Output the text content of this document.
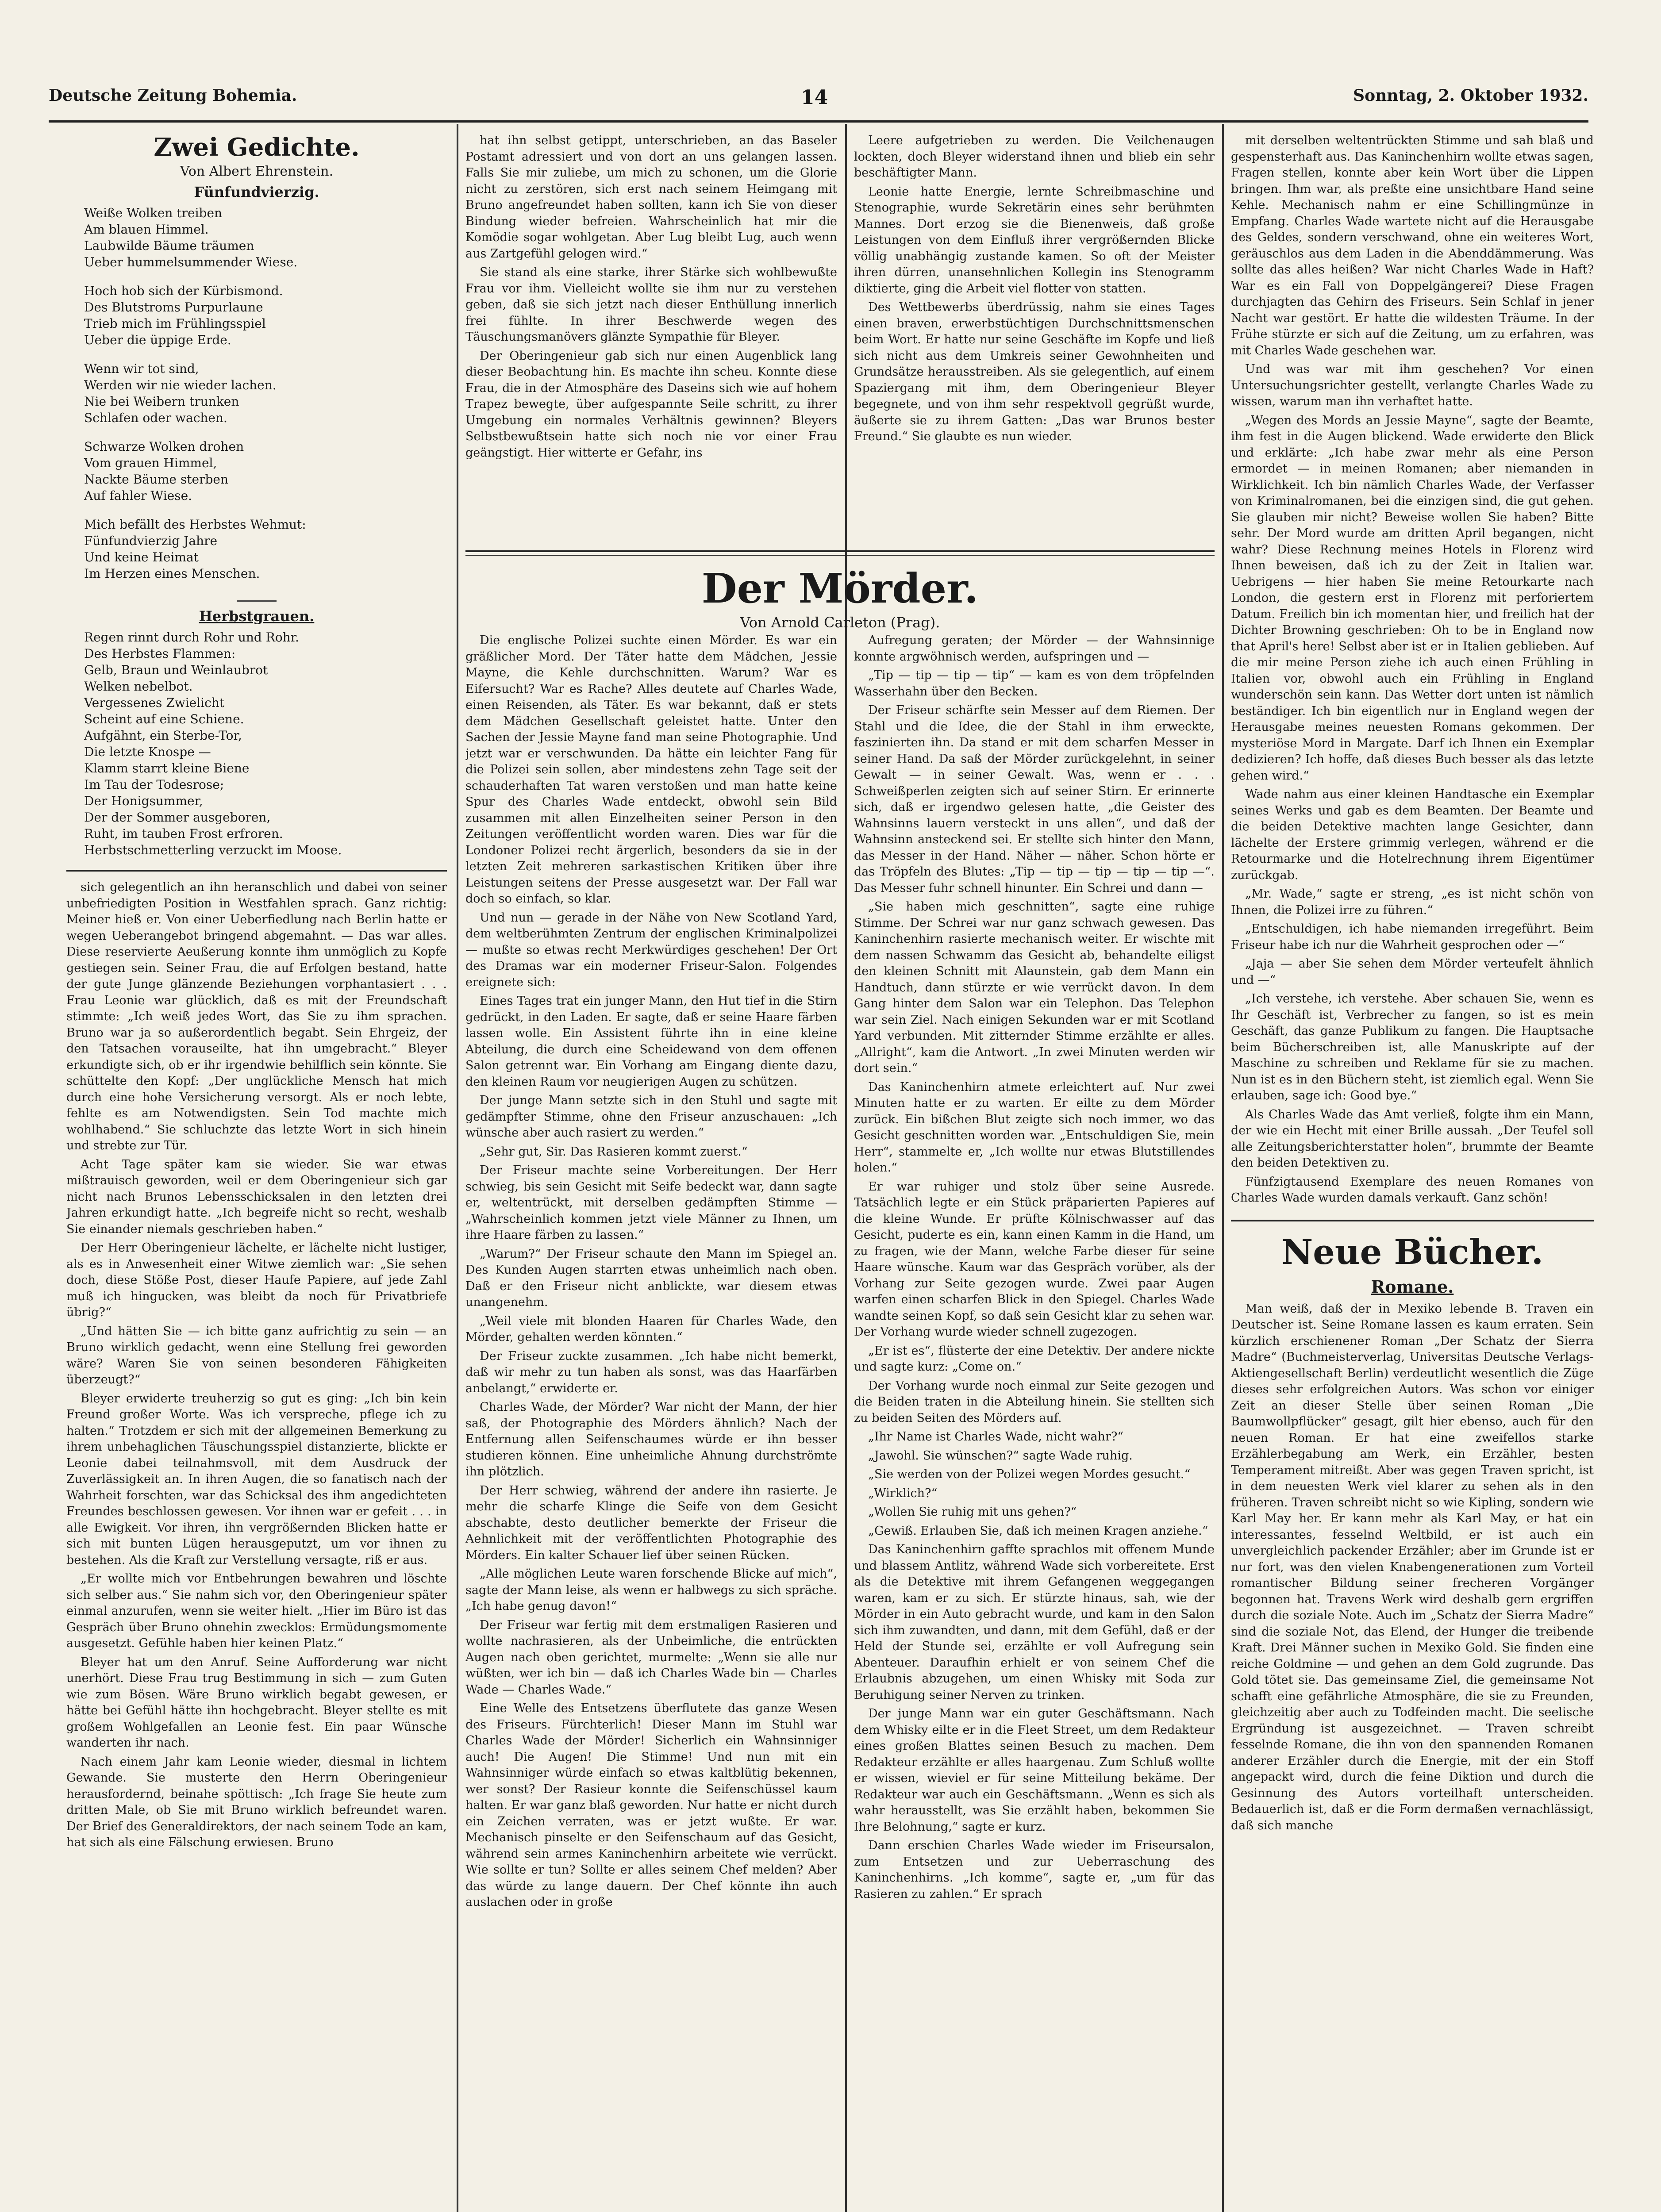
Deutsche Zeitung Bohemia.	14	Sonntag, 2. Oktober 1932.
Zwei Gedichte.
Von Albert Ehrenstein.
Fünfundvierzig.
Weiße Wolken treiben
Am blauen Himmel.
Laubwilde Bäume träumen
Ueber hummelsummender Wiese.
Hoch hob sich der Kürbismond.
Des Blutstroms Purpurlaune
Trieb mich im Frühlingsspiel
Ueber die üppige Erde.
Wenn wir tot sind,
Werden wir nie wieder lachen.
Nie bei Weibern trunken
Schlafen oder wachen.
Schwarze Wolken drohen
Vom grauen Himmel,
Nackte Bäume sterben
Auf fahler Wiese.
Mich befällt des Herbstes Wehmut:
Fünfundvierzig Jahre
Und keine Heimat
Im Herzen eines Menschen.
Herbstgrauen.
Regen rinnt durch Rohr und Rohr.
Des Herbstes Flammen:
Gelb, Braun und Weinlaubrot
Welken nebelbot.
Vergessenes Zwielicht
Scheint auf eine Schiene.
Aufgähnt, ein Sterbe-Tor,
Die letzte Knospe —
Klamm starrt kleine Biene
Im Tau der Todesrose;
Der Honigsummer,
Der der Sommer ausgeboren,
Ruht, im tauben Frost erfroren.
Herbstschmetterling verzuckt im Moose.

sich gelegentlich an ihn heranschlich und dabei von seiner unbefriedigten Position in Westfahlen sprach. Ganz richtig: Meiner hieß er. Von einer Ueberfiedlung nach Berlin hatte er wegen Ueberangebot bringend abgemahnt. — Das war alles. Diese reservierte Aeußerung konnte ihm unmöglich zu Kopfe gestiegen sein. Seiner Frau, die auf Erfolgen bestand, hatte der gute Junge glänzende Beziehungen vorphantasiert . . . Frau Leonie war glücklich, daß es mit der Freundschaft stimmte: „Ich weiß jedes Wort, das Sie zu ihm sprachen. Bruno war ja so außerordentlich begabt. Sein Ehrgeiz, der den Tatsachen vorauseilte, hat ihn umgebracht.“ Bleyer erkundigte sich, ob er ihr irgendwie behilflich sein könnte. Sie schüttelte den Kopf: „Der unglückliche Mensch hat mich durch eine hohe Versicherung versorgt. Als er noch lebte, fehlte es am Notwendigsten. Sein Tod machte mich wohlhabend.“ Sie schluchzte das letzte Wort in sich hinein und strebte zur Tür.

Acht Tage später kam sie wieder. Sie war etwas mißtrauisch geworden, weil er dem Oberingenieur sich gar nicht nach Brunos Lebensschicksalen in den letzten drei Jahren erkundigt hatte. „Ich begreife nicht so recht, weshalb Sie einander niemals geschrieben haben.“

Der Herr Oberingenieur lächelte, er lächelte nicht lustiger, als es in Anwesenheit einer Witwe ziemlich war: „Sie sehen doch, diese Stöße Post, dieser Haufe Papiere, auf jede Zahl muß ich hingucken, was bleibt da noch für Privatbriefe übrig?“

„Und hätten Sie — ich bitte ganz aufrichtig zu sein — an Bruno wirklich gedacht, wenn eine Stellung frei geworden wäre? Waren Sie von seinen besonderen Fähigkeiten überzeugt?“

Bleyer erwiderte treuherzig so gut es ging: „Ich bin kein Freund großer Worte. Was ich verspreche, pflege ich zu halten.“ Trotzdem er sich mit der allgemeinen Bemerkung zu ihrem unbehaglichen Täuschungsspiel distanzierte, blickte er Leonie dabei teilnahmsvoll, mit dem Ausdruck der Zuverlässigkeit an. In ihren Augen, die so fanatisch nach der Wahrheit forschten, war das Schicksal des ihm angedichteten Freundes beschlossen gewesen. Vor ihnen war er gefeit . . . in alle Ewigkeit. Vor ihren, ihn vergrößernden Blicken hatte er sich mit bunten Lügen herausgeputzt, um vor ihnen zu bestehen. Als die Kraft zur Verstellung versagte, riß er aus.

„Er wollte mich vor Entbehrungen bewahren und löschte sich selber aus.“ Sie nahm sich vor, den Oberingenieur später einmal anzurufen, wenn sie weiter hielt. „Hier im Büro ist das Gespräch über Bruno ohnehin zwecklos: Ermüdungsmomente ausgesetzt. Gefühle haben hier keinen Platz.“

Bleyer hat um den Anruf. Seine Aufforderung war nicht unerhört. Diese Frau trug Bestimmung in sich — zum Guten wie zum Bösen. Wäre Bruno wirklich begabt gewesen, er hätte bei Gefühl hätte ihn hochgebracht. Bleyer stellte es mit großem Wohlgefallen an Leonie fest. Ein paar Wünsche wanderten ihr nach.

Nach einem Jahr kam Leonie wieder, diesmal in lichtem Gewande. Sie musterte den Herrn Oberingenieur herausfordernd, beinahe spöttisch: „Ich frage Sie heute zum dritten Male, ob Sie mit Bruno wirklich befreundet waren. Der Brief des Generaldirektors, der nach seinem Tode an kam, hat sich als eine Fälschung erwiesen. Bruno

hat ihn selbst getippt, unterschrieben, an das Baseler Postamt adressiert und von dort an uns gelangen lassen. Falls Sie mir zuliebe, um mich zu schonen, um die Glorie nicht zu zerstören, sich erst nach seinem Heimgang mit Bruno angefreundet haben sollten, kann ich Sie von dieser Bindung wieder befreien. Wahrscheinlich hat mir die Komödie sogar wohlgetan. Aber Lug bleibt Lug, auch wenn aus Zartgefühl gelogen wird.“

Sie stand als eine starke, ihrer Stärke sich wohlbewußte Frau vor ihm. Vielleicht wollte sie ihm nur zu verstehen geben, daß sie sich jetzt nach dieser Enthüllung innerlich frei fühlte. In ihrer Beschwerde wegen des Täuschungsmanövers glänzte Sympathie für Bleyer.

Der Oberingenieur gab sich nur einen Augenblick lang dieser Beobachtung hin. Es machte ihn scheu. Konnte diese Frau, die in der Atmosphäre des Daseins sich wie auf hohem Trapez bewegte, über aufgespannte Seile schritt, zu ihrer Umgebung ein normales Verhältnis gewinnen? Bleyers Selbstbewußtsein hatte sich noch nie vor einer Frau geängstigt. Hier witterte er Gefahr, ins

Leere aufgetrieben zu werden. Die Veilchenaugen lockten, doch Bleyer widerstand ihnen und blieb ein sehr beschäftigter Mann.

Leonie hatte Energie, lernte Schreibmaschine und Stenographie, wurde Sekretärin eines sehr berühmten Mannes. Dort erzog sie die Bienenweis, daß große Leistungen von dem Einfluß ihrer vergrößernden Blicke völlig unabhängig zustande kamen. So oft der Meister ihren dürren, unansehnlichen Kollegin ins Stenogramm diktierte, ging die Arbeit viel flotter von statten.

Des Wettbewerbs überdrüssig, nahm sie eines Tages einen braven, erwerbstüchtigen Durchschnittsmenschen beim Wort. Er hatte nur seine Geschäfte im Kopfe und ließ sich nicht aus dem Umkreis seiner Gewohnheiten und Grundsätze herausstreiben. Als sie gelegentlich, auf einem Spaziergang mit ihm, dem Oberingenieur Bleyer begegnete, und von ihm sehr respektvoll gegrüßt wurde, äußerte sie zu ihrem Gatten: „Das war Brunos bester Freund.“ Sie glaubte es nun wieder.

Der Mörder.
Von Arnold Carleton (Prag).

Die englische Polizei suchte einen Mörder. Es war ein gräßlicher Mord. Der Täter hatte dem Mädchen, Jessie Mayne, die Kehle durchschnitten. Warum? War es Eifersucht? War es Rache? Alles deutete auf Charles Wade, einen Reisenden, als Täter. Es war bekannt, daß er stets dem Mädchen Gesellschaft geleistet hatte. Unter den Sachen der Jessie Mayne fand man seine Photographie. Und jetzt war er verschwunden. Da hätte ein leichter Fang für die Polizei sein sollen, aber mindestens zehn Tage seit der schauderhaften Tat waren verstoßen und man hatte keine Spur des Charles Wade entdeckt, obwohl sein Bild zusammen mit allen Einzelheiten seiner Person in den Zeitungen veröffentlicht worden waren. Dies war für die Londoner Polizei recht ärgerlich, besonders da sie in der letzten Zeit mehreren sarkastischen Kritiken über ihre Leistungen seitens der Presse ausgesetzt war. Der Fall war doch so einfach, so klar.

Und nun — gerade in der Nähe von New Scotland Yard, dem weltberühmten Zentrum der englischen Kriminalpolizei — mußte so etwas recht Merkwürdiges geschehen! Der Ort des Dramas war ein moderner Friseur-Salon. Folgendes ereignete sich:

Eines Tages trat ein junger Mann, den Hut tief in die Stirn gedrückt, in den Laden. Er sagte, daß er seine Haare färben lassen wolle. Ein Assistent führte ihn in eine kleine Abteilung, die durch eine Scheidewand von dem offenen Salon getrennt war. Ein Vorhang am Eingang diente dazu, den kleinen Raum vor neugierigen Augen zu schützen.

Der junge Mann setzte sich in den Stuhl und sagte mit gedämpfter Stimme, ohne den Friseur anzuschauen: „Ich wünsche aber auch rasiert zu werden.“

„Sehr gut, Sir. Das Rasieren kommt zuerst.“

Der Friseur machte seine Vorbereitungen. Der Herr schwieg, bis sein Gesicht mit Seife bedeckt war, dann sagte er, weltentrückt, mit derselben gedämpften Stimme — „Wahrscheinlich kommen jetzt viele Männer zu Ihnen, um ihre Haare färben zu lassen.“

„Warum?“ Der Friseur schaute den Mann im Spiegel an. Des Kunden Augen starrten etwas unheimlich nach oben. Daß er den Friseur nicht anblickte, war diesem etwas unangenehm.

„Weil viele mit blonden Haaren für Charles Wade, den Mörder, gehalten werden könnten.“

Der Friseur zuckte zusammen. „Ich habe nicht bemerkt, daß wir mehr zu tun haben als sonst, was das Haarfärben anbelangt,“ erwiderte er.

Charles Wade, der Mörder? War nicht der Mann, der hier saß, der Photographie des Mörders ähnlich? Nach der Entfernung allen Seifenschaumes würde er ihn besser studieren können. Eine unheimliche Ahnung durchströmte ihn plötzlich.

Der Herr schwieg, während der andere ihn rasierte. Je mehr die scharfe Klinge die Seife von dem Gesicht abschabte, desto deutlicher bemerkte der Friseur die Aehnlichkeit mit der veröffentlichten Photographie des Mörders. Ein kalter Schauer lief über seinen Rücken.

„Alle möglichen Leute waren forschende Blicke auf mich“, sagte der Mann leise, als wenn er halbwegs zu sich spräche. „Ich habe genug davon!“

Der Friseur war fertig mit dem erstmaligen Rasieren und wollte nachrasieren, als der Unbeimliche, die entrückten Augen nach oben gerichtet, murmelte: „Wenn sie alle nur wüßten, wer ich bin — daß ich Charles Wade bin — Charles Wade — Charles Wade.“

Eine Welle des Entsetzens überflutete das ganze Wesen des Friseurs. Fürchterlich! Dieser Mann im Stuhl war Charles Wade der Mörder! Sicherlich ein Wahnsinniger auch! Die Augen! Die Stimme! Und nun mit ein Wahnsinniger würde einfach so etwas kaltblütig bekennen, wer sonst? Der Rasieur konnte die Seifenschüssel kaum halten. Er war ganz blaß geworden. Nur hatte er nicht durch ein Zeichen verraten, was er jetzt wußte. Er war. Mechanisch pinselte er den Seifenschaum auf das Gesicht, während sein armes Kaninchenhirn arbeitete wie verrückt. Wie sollte er tun? Sollte er alles seinem Chef melden? Aber das würde zu lange dauern. Der Chef könnte ihn auch auslachen oder in große

Aufregung geraten; der Mörder — der Wahnsinnige konnte argwöhnisch werden, aufspringen und —

„Tip — tip — tip — tip“ — kam es von dem tröpfelnden Wasserhahn über den Becken.

Der Friseur schärfte sein Messer auf dem Riemen. Der Stahl und die Idee, die der Stahl in ihm erweckte, faszinierten ihn. Da stand er mit dem scharfen Messer in seiner Hand. Da saß der Mörder zurückgelehnt, in seiner Gewalt — in seiner Gewalt. Was, wenn er . . . Schweißperlen zeigten sich auf seiner Stirn. Er erinnerte sich, daß er irgendwo gelesen hatte, „die Geister des Wahnsinns lauern versteckt in uns allen“, und daß der Wahnsinn ansteckend sei. Er stellte sich hinter den Mann, das Messer in der Hand. Näher — näher. Schon hörte er das Tröpfeln des Blutes: „Tip — tip — tip — tip — tip —“. Das Messer fuhr schnell hinunter. Ein Schrei und dann —

„Sie haben mich geschnitten“, sagte eine ruhige Stimme. Der Schrei war nur ganz schwach gewesen. Das Kaninchenhirn rasierte mechanisch weiter. Er wischte mit dem nassen Schwamm das Gesicht ab, behandelte eiligst den kleinen Schnitt mit Alaunstein, gab dem Mann ein Handtuch, dann stürzte er wie verrückt davon. In dem Gang hinter dem Salon war ein Telephon. Das Telephon war sein Ziel. Nach einigen Sekunden war er mit Scotland Yard verbunden. Mit zitternder Stimme erzählte er alles. „Allright“, kam die Antwort. „In zwei Minuten werden wir dort sein.“

Das Kaninchenhirn atmete erleichtert auf. Nur zwei Minuten hatte er zu warten. Er eilte zu dem Mörder zurück. Ein bißchen Blut zeigte sich noch immer, wo das Gesicht geschnitten worden war. „Entschuldigen Sie, mein Herr“, stammelte er, „Ich wollte nur etwas Blutstillendes holen.“

Er war ruhiger und stolz über seine Ausrede. Tatsächlich legte er ein Stück präparierten Papieres auf die kleine Wunde. Er prüfte Kölnischwasser auf das Gesicht, puderte es ein, kann einen Kamm in die Hand, um zu fragen, wie der Mann, welche Farbe dieser für seine Haare wünsche. Kaum war das Gespräch vorüber, als der Vorhang zur Seite gezogen wurde. Zwei paar Augen warfen einen scharfen Blick in den Spiegel. Charles Wade wandte seinen Kopf, so daß sein Gesicht klar zu sehen war. Der Vorhang wurde wieder schnell zugezogen.

„Er ist es“, flüsterte der eine Detektiv. Der andere nickte und sagte kurz: „Come on.“

Der Vorhang wurde noch einmal zur Seite gezogen und die Beiden traten in die Abteilung hinein. Sie stellten sich zu beiden Seiten des Mörders auf.

„Ihr Name ist Charles Wade, nicht wahr?“

„Jawohl. Sie wünschen?“ sagte Wade ruhig.

„Sie werden von der Polizei wegen Mordes gesucht.“

„Wirklich?“

„Wollen Sie ruhig mit uns gehen?“

„Gewiß. Erlauben Sie, daß ich meinen Kragen anziehe.“

Das Kaninchenhirn gaffte sprachlos mit offenem Munde und blassem Antlitz, während Wade sich vorbereitete. Erst als die Detektive mit ihrem Gefangenen weggegangen waren, kam er zu sich. Er stürzte hinaus, sah, wie der Mörder in ein Auto gebracht wurde, und kam in den Salon sich ihm zuwandten, und dann, mit dem Gefühl, daß er der Held der Stunde sei, erzählte er voll Aufregung sein Abenteuer. Daraufhin erhielt er von seinem Chef die Erlaubnis abzugehen, um einen Whisky mit Soda zur Beruhigung seiner Nerven zu trinken.

Der junge Mann war ein guter Geschäftsmann. Nach dem Whisky eilte er in die Fleet Street, um dem Redakteur eines großen Blattes seinen Besuch zu machen. Dem Redakteur erzählte er alles haargenau. Zum Schluß wollte er wissen, wieviel er für seine Mitteilung bekäme. Der Redakteur war auch ein Geschäftsmann. „Wenn es sich als wahr herausstellt, was Sie erzählt haben, bekommen Sie Ihre Belohnung,“ sagte er kurz.

Dann erschien Charles Wade wieder im Friseursalon, zum Entsetzen und zur Ueberraschung des Kaninchenhirns. „Ich komme“, sagte er, „um für das Rasieren zu zahlen.“ Er sprach

mit derselben weltentrückten Stimme und sah blaß und gespensterhaft aus. Das Kaninchenhirn wollte etwas sagen, Fragen stellen, konnte aber kein Wort über die Lippen bringen. Ihm war, als preßte eine unsichtbare Hand seine Kehle. Mechanisch nahm er eine Schillingmünze in Empfang. Charles Wade wartete nicht auf die Herausgabe des Geldes, sondern verschwand, ohne ein weiteres Wort, geräuschlos aus dem Laden in die Abenddämmerung. Was sollte das alles heißen? War nicht Charles Wade in Haft? War es ein Fall von Doppelgängerei? Diese Fragen durchjagten das Gehirn des Friseurs. Sein Schlaf in jener Nacht war gestört. Er hatte die wildesten Träume. In der Frühe stürzte er sich auf die Zeitung, um zu erfahren, was mit Charles Wade geschehen war.

Und was war mit ihm geschehen? Vor einen Untersuchungsrichter gestellt, verlangte Charles Wade zu wissen, warum man ihn verhaftet hatte.

„Wegen des Mords an Jessie Mayne“, sagte der Beamte, ihm fest in die Augen blickend. Wade erwiderte den Blick und erklärte: „Ich habe zwar mehr als eine Person ermordet — in meinen Romanen; aber niemanden in Wirklichkeit. Ich bin nämlich Charles Wade, der Verfasser von Kriminalromanen, bei die einzigen sind, die gut gehen. Sie glauben mir nicht? Beweise wollen Sie haben? Bitte sehr. Der Mord wurde am dritten April begangen, nicht wahr? Diese Rechnung meines Hotels in Florenz wird Ihnen beweisen, daß ich zu der Zeit in Italien war. Uebrigens — hier haben Sie meine Retourkarte nach London, die gestern erst in Florenz mit perforiertem Datum. Freilich bin ich momentan hier, und freilich hat der Dichter Browning geschrieben: Oh to be in England now that April's here! Selbst aber ist er in Italien geblieben. Auf die mir meine Person ziehe ich auch einen Frühling in Italien vor, obwohl auch ein Frühling in England wunderschön sein kann. Das Wetter dort unten ist nämlich beständiger. Ich bin eigentlich nur in England wegen der Herausgabe meines neuesten Romans gekommen. Der mysteriöse Mord in Margate. Darf ich Ihnen ein Exemplar dedizieren? Ich hoffe, daß dieses Buch besser als das letzte gehen wird.“

Wade nahm aus einer kleinen Handtasche ein Exemplar seines Werks und gab es dem Beamten. Der Beamte und die beiden Detektive machten lange Gesichter, dann lächelte der Erstere grimmig verlegen, während er die Retourmarke und die Hotelrechnung ihrem Eigentümer zurückgab.

„Mr. Wade,“ sagte er streng, „es ist nicht schön von Ihnen, die Polizei irre zu führen.“

„Entschuldigen, ich habe niemanden irregeführt. Beim Friseur habe ich nur die Wahrheit gesprochen oder —“

„Jaja — aber Sie sehen dem Mörder verteufelt ähnlich und —“

„Ich verstehe, ich verstehe. Aber schauen Sie, wenn es Ihr Geschäft ist, Verbrecher zu fangen, so ist es mein Geschäft, das ganze Publikum zu fangen. Die Hauptsache beim Bücherschreiben ist, alle Manuskripte auf der Maschine zu schreiben und Reklame für sie zu machen. Nun ist es in den Büchern steht, ist ziemlich egal. Wenn Sie erlauben, sage ich: Good bye.“

Als Charles Wade das Amt verließ, folgte ihm ein Mann, der wie ein Hecht mit einer Brille aussah. „Der Teufel soll alle Zeitungsberichterstatter holen“, brummte der Beamte den beiden Detektiven zu.

Fünfzigtausend Exemplare des neuen Romanes von Charles Wade wurden damals verkauft. Ganz schön!

Neue Bücher.
Romane.

Man weiß, daß der in Mexiko lebende B. Traven ein Deutscher ist. Seine Romane lassen es kaum erraten. Sein kürzlich erschienener Roman „Der Schatz der Sierra Madre“ (Buchmeisterverlag, Universitas Deutsche Verlags-Aktiengesellschaft Berlin) verdeutlicht wesentlich die Züge dieses sehr erfolgreichen Autors. Was schon vor einiger Zeit an dieser Stelle über seinen Roman „Die Baumwollpflücker“ gesagt, gilt hier ebenso, auch für den neuen Roman. Er hat eine zweifellos starke Erzählerbegabung am Werk, ein Erzähler, besten Temperament mitreißt. Aber was gegen Traven spricht, ist in dem neuesten Werk viel klarer zu sehen als in den früheren. Traven schreibt nicht so wie Kipling, sondern wie Karl May her. Er kann mehr als Karl May, er hat ein interessantes, fesselnd Weltbild, er ist auch ein unvergleichlich packender Erzähler; aber im Grunde ist er nur fort, was den vielen Knabengenerationen zum Vorteil romantischer Bildung seiner frecheren Vorgänger begonnen hat. Travens Werk wird deshalb gern ergriffen durch die soziale Note. Auch im „Schatz der Sierra Madre“ sind die soziale Not, das Elend, der Hunger die treibende Kraft. Drei Männer suchen in Mexiko Gold. Sie finden eine reiche Goldmine — und gehen an dem Gold zugrunde. Das Gold tötet sie. Das gemeinsame Ziel, die gemeinsame Not schafft eine gefährliche Atmosphäre, die sie zu Freunden, gleichzeitig aber auch zu Todfeinden macht. Die seelische Ergründung ist ausgezeichnet. — Traven schreibt fesselnde Romane, die ihn von den spannenden Romanen anderer Erzähler durch die Energie, mit der ein Stoff angepackt wird, durch die feine Diktion und durch die Gesinnung des Autors vorteilhaft unterscheiden. Bedauerlich ist, daß er die Form dermaßen vernachlässigt, daß sich manche
